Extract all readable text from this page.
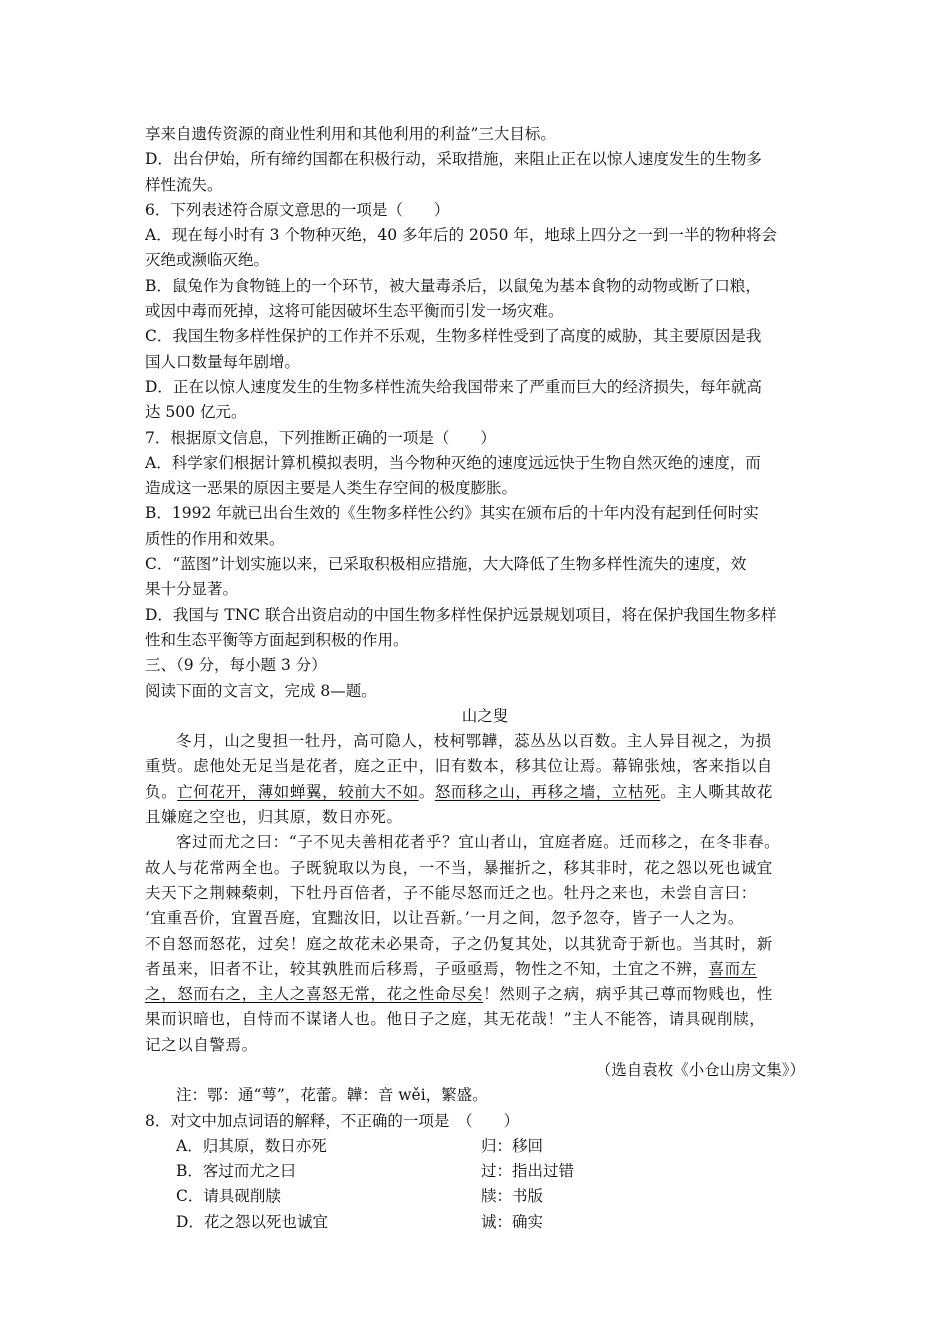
享来自遗传资源的商业性利用和其他利用的利益”三大目标。
D．出台伊始，所有缔约国都在积极行动，采取措施，来阻止正在以惊人速度发生的生物多
样性流失。
6．下列表述符合原文意思的一项是（　　）
A．现在每小时有 3 个物种灭绝，40 多年后的 2050 年，地球上四分之一到一半的物种将会
灭绝或濒临灭绝。
B．鼠兔作为食物链上的一个环节，被大量毒杀后，以鼠兔为基本食物的动物或断了口粮，
或因中毒而死掉，这将可能因破坏生态平衡而引发一场灾难。
C．我国生物多样性保护的工作并不乐观，生物多样性受到了高度的威胁，其主要原因是我
国人口数量每年剧增。
D．正在以惊人速度发生的生物多样性流失给我国带来了严重而巨大的经济损失，每年就高
达 500 亿元。
7．根据原文信息，下列推断正确的一项是（　　）
A．科学家们根据计算机模拟表明，当今物种灭绝的速度远远快于生物自然灭绝的速度，而
造成这一恶果的原因主要是人类生存空间的极度膨胀。
B．1992 年就已出台生效的《生物多样性公约》其实在颁布后的十年内没有起到任何时实
质性的作用和效果。
C．“蓝图”计划实施以来，已采取积极相应措施，大大降低了生物多样性流失的速度，效
果十分显著。
D．我国与 TNC 联合出资启动的中国生物多样性保护远景规划项目，将在保护我国生物多样
性和生态平衡等方面起到积极的作用。
三、（9 分，每小题 3 分）
阅读下面的文言文，完成 8—题。
山之叟
冬月，山之叟担一牡丹，高可隐人，枝柯鄂韡，蕊丛丛以百数。主人异目视之，为损
重赀。虑他处无足当是花者，庭之正中，旧有数本，移其位让焉。幕锦张烛，客来指以自
负。亡何花开，薄如蝉翼，较前大不如。怒而移之山，再移之墙，立枯死。主人嘶其故花
且嫌庭之空也，归其原，数日亦死。
客过而尤之曰：“子不见夫善相花者乎？宜山者山，宜庭者庭。迁而移之，在冬非春。
故人与花常两全也。子既貌取以为良，一不当，暴摧折之，移其非时，花之怨以死也诚宜
夫天下之荆棘蔾刺，下牡丹百倍者，子不能尽怒而迁之也。牡丹之来也，未尝自言曰：
‘宜重吾价，宜置吾庭，宜黜汝旧，以让吾新。’一月之间，忽予忽夺，皆子一人之为。
不自怒而怒花，过矣！庭之故花未必果奇，子之仍复其处，以其犹奇于新也。当其时，新
者虽来，旧者不让，较其孰胜而后移焉，子亟亟焉，物性之不知，土宜之不辨，喜而左
之，怒而右之，主人之喜怒无常，花之性命尽矣！然则子之病，病乎其己尊而物贱也，性
果而识暗也，自恃而不谋诸人也。他日子之庭，其无花哉！”主人不能答，请具砚削牍，
记之以自警焉。
（选自袁枚《小仓山房文集》）
注：鄂：通“萼”，花蕾。韡：音 wěi，繁盛。
8．对文中加点词语的解释，不正确的一项是　（　　）
A．归其原，数日亦死	归：移回
B．客过而尤之曰	过：指出过错
C．请具砚削牍	牍：书版
D．花之怨以死也诚宜	诚：确实
